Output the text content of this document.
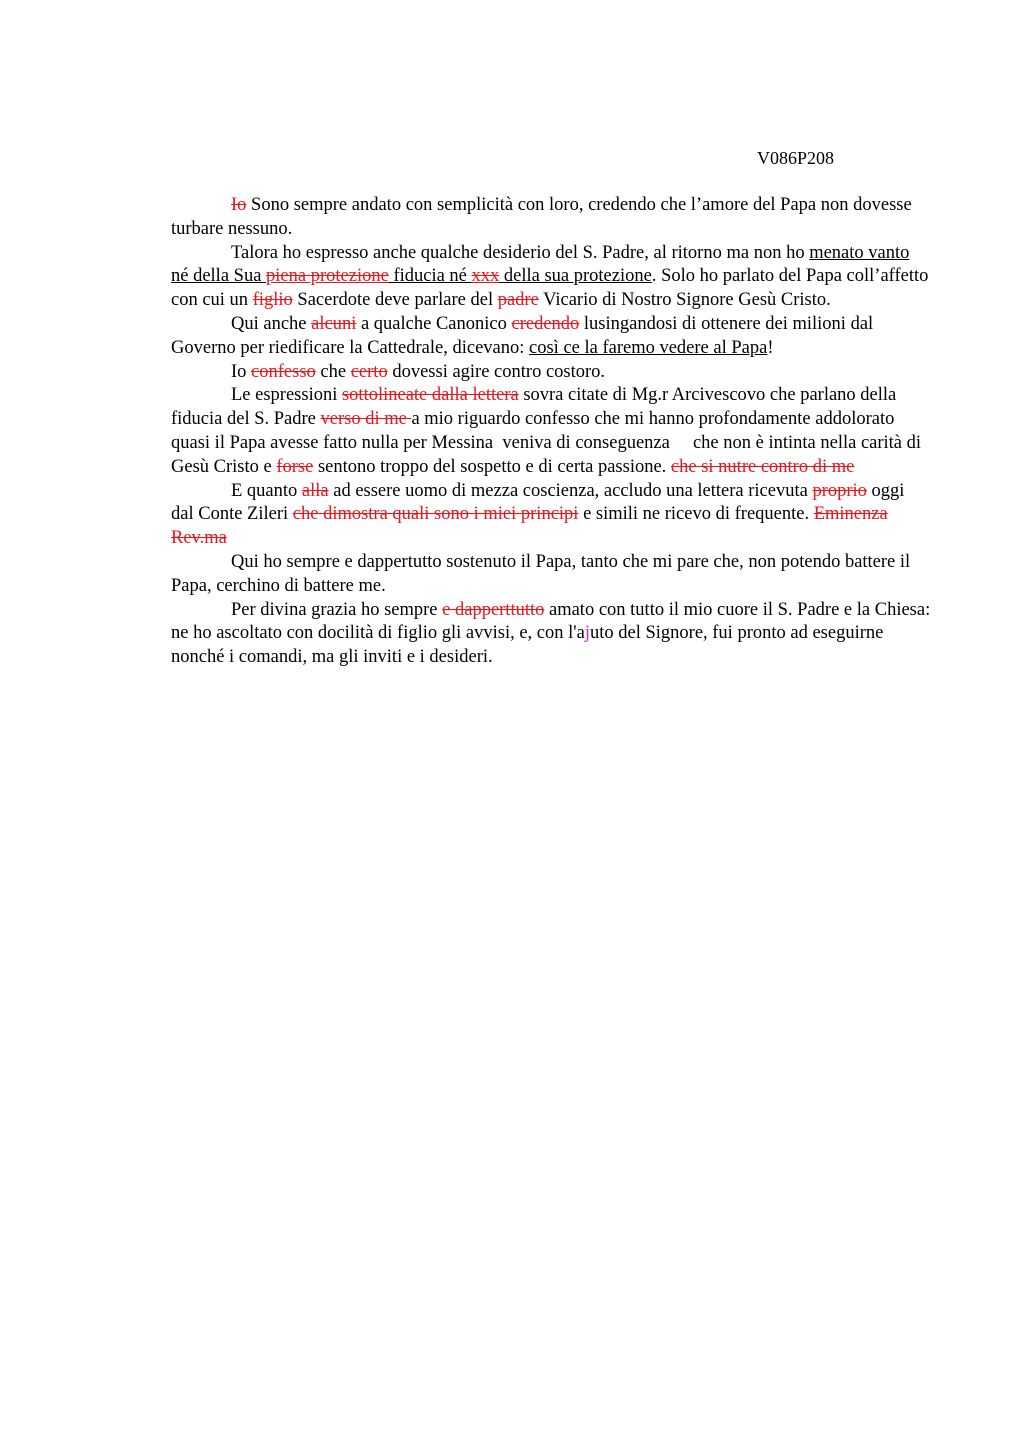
V086P208

Io Sono sempre andato con semplicità con loro, credendo che l’amore del Papa non dovesse turbare nessuno.

Talora ho espresso anche qualche desiderio del S. Padre, al ritorno ma non ho menato vanto né della Sua piena protezione fiducia né xxx della sua protezione. Solo ho parlato del Papa coll’affetto con cui un figlio Sacerdote deve parlare del padre Vicario di Nostro Signore Gesù Cristo.

Qui anche alcuni a qualche Canonico credendo lusingandosi di ottenere dei milioni dal Governo per riedificare la Cattedrale, dicevano: così ce la faremo vedere al Papa!

Io confesso che certo dovessi agire contro costoro.

Le espressioni sottolineate dalla lettera sovra citate di Mg.r Arcivescovo che parlano della fiducia del S. Padre verso di me a mio riguardo confesso che mi hanno profondamente addolorato quasi il Papa avesse fatto nulla per Messina  veniva di conseguenza     che non è intinta nella carità di Gesù Cristo e forse sentono troppo del sospetto e di certa passione. che si nutre contro di me

E quanto alla ad essere uomo di mezza coscienza, accludo una lettera ricevuta proprio oggi dal Conte Zileri che dimostra quali sono i miei principi e simili ne ricevo di frequente. Eminenza Rev.ma

Qui ho sempre e dappertutto sostenuto il Papa, tanto che mi pare che, non potendo battere il Papa, cerchino di battere me.

Per divina grazia ho sempre e dapperttutto amato con tutto il mio cuore il S. Padre e la Chiesa: ne ho ascoltato con docilità di figlio gli avvisi, e, con l'ajuto del Signore, fui pronto ad eseguirne nonché i comandi, ma gli inviti e i desideri.
